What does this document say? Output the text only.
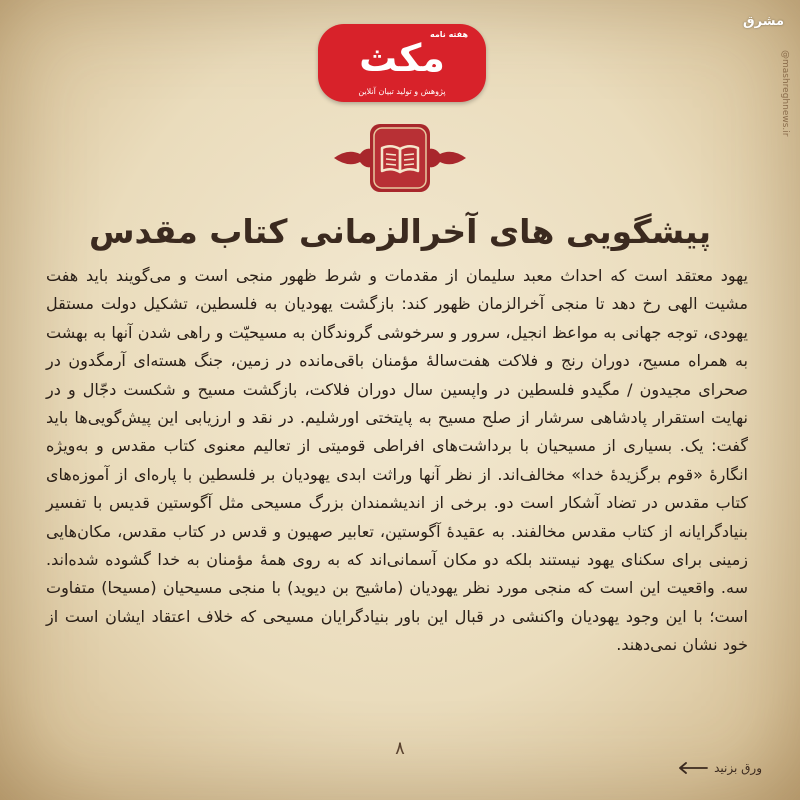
هفته نامه
مکث
پژوهش و تولید تبیان آنلاین
مشرق
@mashreghnews.ir
پیشگویی های آخرالزمانی کتاب مقدس

یهود معتقد است که احداث معبد سلیمان از مقدمات و شرط ظهور منجی است و می‌گویند باید هفت مشیت الهی رخ دهد تا منجی آخرالزمان ظهور کند: بازگشت یهودیان به فلسطین، تشکیل دولت مستقل یهودی، توجه جهانی به مواعظ انجیل، سرور و سرخوشی گروندگان به مسیحیّت و راهی شدن آنها به بهشت به همراه مسیح، دوران رنج و فلاکت هفت‌سالهٔ مؤمنان باقی‌مانده در زمین، جنگ هسته‌ای آرمگدون در صحرای مجیدون / مگیدو فلسطین در واپسین سال دوران فلاکت، بازگشت مسیح و شکست دجّال و در نهایت استقرار پادشاهی سرشار از صلح مسیح به پایتختی اورشلیم. در نقد و ارزیابی این پیش‌گویی‌ها باید گفت: یک. بسیاری از مسیحیان با برداشت‌های افراطی قومیتی از تعالیم معنوی کتاب مقدس و به‌ویژه انگارهٔ «قوم برگزیدهٔ خدا» مخالف‌اند. از نظر آنها وراثت ابدی یهودیان بر فلسطین با پاره‌ای از آموزه‌های کتاب مقدس در تضاد آشکار است دو. برخی از اندیشمندان بزرگ مسیحی مثل آگوستین قدیس با تفسیر بنیادگرایانه از کتاب مقدس مخالفند. به عقیدهٔ آگوستین، تعابیر صهیون و قدس در کتاب مقدس، مکان‌هایی زمینی برای سکنای یهود نیستند بلکه دو مکان آسمانی‌اند که به روی همهٔ مؤمنان به خدا گشوده شده‌اند. سه. واقعیت این است که منجی مورد نظر یهودیان (ماشیح بن دیوید) با منجی مسیحیان (مسیحا) متفاوت است؛ با این وجود یهودیان واکنشی در قبال این باور بنیادگرایان مسیحی که خلاف اعتقاد ایشان است از خود نشان نمی‌دهند.

۸
ورق بزنید
